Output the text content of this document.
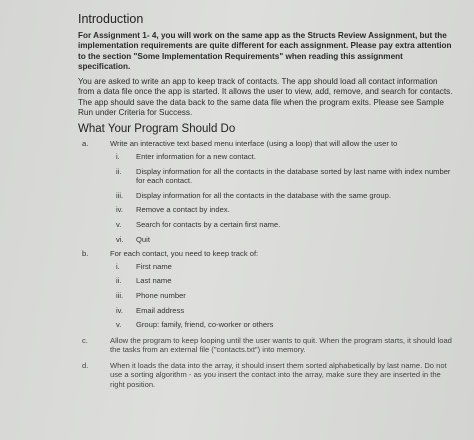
Introduction

For Assignment 1- 4, you will work on the same app as the Structs Review Assignment, but the implementation requirements are quite different for each assignment. Please pay extra attention to the section "Some Implementation Requirements" when reading this assignment specification.

You are asked to write an app to keep track of contacts. The app should load all contact information from a data file once the app is started. It allows the user to view, add, remove, and search for contacts. The app should save the data back to the same data file when the program exits. Please see Sample Run under Criteria for Success.

What Your Program Should Do
a.	Write an interactive text based menu interface (using a loop) that will allow the user to
i. Enter information for a new contact.
ii. Display information for all the contacts in the database sorted by last name with index number for each contact.
iii. Display information for all the contacts in the database with the same group.
iv. Remove a contact by index.
v. Search for contacts by a certain first name.
vi. Quit
b.	For each contact, you need to keep track of:
i. First name
ii. Last name
iii. Phone number
iv. Email address
v. Group: family, friend, co-worker or others
c.	Allow the program to keep looping until the user wants to quit. When the program starts, it should load the tasks from an external file ("contacts.txt") into memory.
d.	When it loads the data into the array, it should insert them sorted alphabetically by last name. Do not use a sorting algorithm - as you insert the contact into the array, make sure they are inserted in the right position.
